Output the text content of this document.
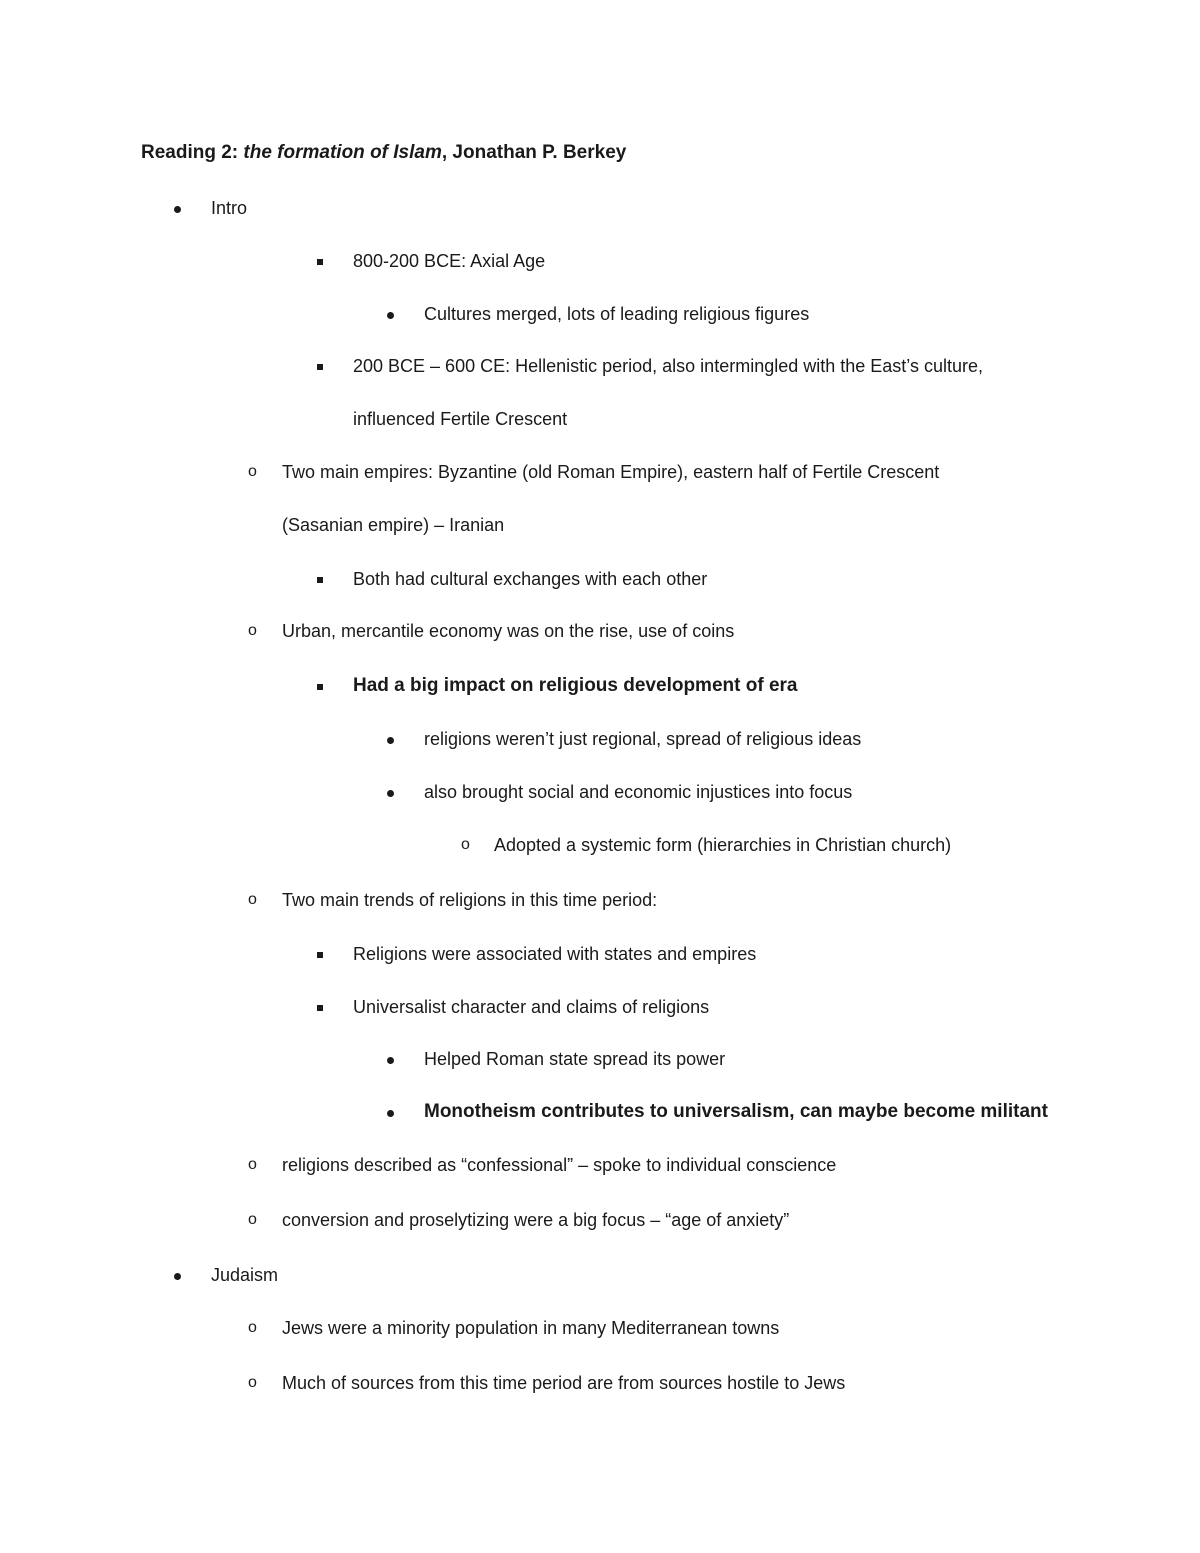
Reading 2: the formation of Islam, Jonathan P. Berkey
Intro
800-200 BCE: Axial Age
Cultures merged, lots of leading religious figures
200 BCE – 600 CE: Hellenistic period, also intermingled with the East’s culture,
influenced Fertile Crescent
o Two main empires: Byzantine (old Roman Empire), eastern half of Fertile Crescent
(Sasanian empire) – Iranian
Both had cultural exchanges with each other
o Urban, mercantile economy was on the rise, use of coins
Had a big impact on religious development of era
religions weren’t just regional, spread of religious ideas
also brought social and economic injustices into focus
o Adopted a systemic form (hierarchies in Christian church)
o Two main trends of religions in this time period:
Religions were associated with states and empires
Universalist character and claims of religions
Helped Roman state spread its power
Monotheism contributes to universalism, can maybe become militant
o religions described as “confessional” – spoke to individual conscience
o conversion and proselytizing were a big focus – “age of anxiety”
Judaism
o Jews were a minority population in many Mediterranean towns
o Much of sources from this time period are from sources hostile to Jews
